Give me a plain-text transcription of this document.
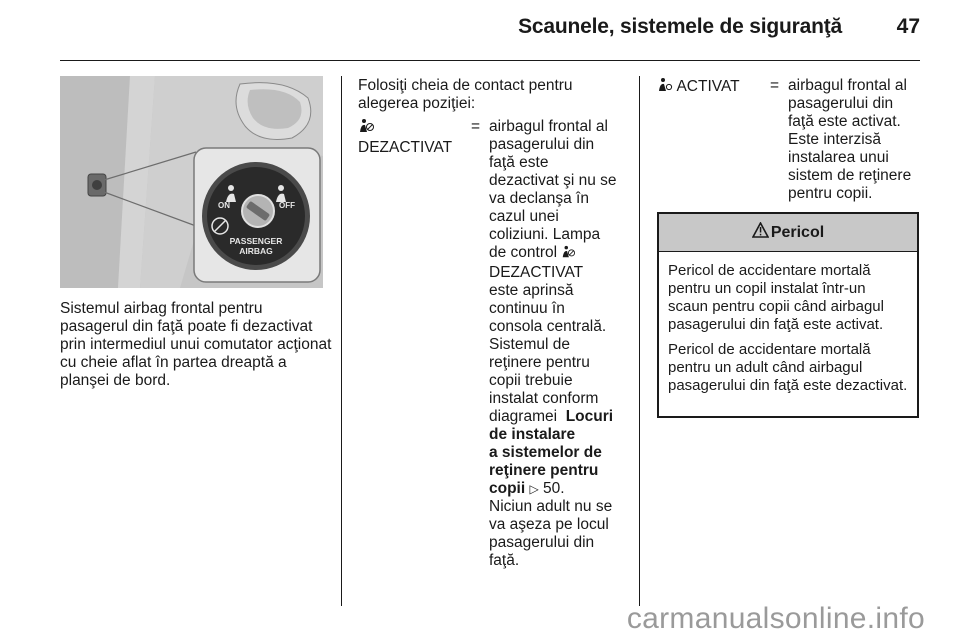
Scaunele, sistemele de siguranţă	47
ON	OFF
PASSENGER
AIRBAG
Sistemul airbag frontal pentru pasagerul din faţă poate fi dezactivat prin intermediul unui comutator acţionat cu cheie aflat în partea dreaptă a planşei de bord.
Folosiţi cheia de contact pentru alegerea poziţiei:

DEZACTIVAT
= airbagul frontal al
pasagerului din
faţă este
dezactivat şi nu se
va declanşa în
cazul unei
coliziuni. Lampa
de control
DEZACTIVAT
este aprinsă
continuu în
consola centrală.
Sistemul de
reţinere pentru
copii trebuie
instalat conform
diagramei Locuri
de instalare
a sistemelor de
reţinere pentru
copii ▷ 50.
Niciun adult nu se
va aşeza pe locul
pasagerului din
faţă.
ACTIVAT = airbagul frontal al
pasagerului din
faţă este activat.
Este interzisă
instalarea unui
sistem de reţinere
pentru copii.
Pericol

Pericol de accidentare mortală pentru un copil instalat într-un scaun pentru copii când airbagul pasagerului din faţă este activat.

Pericol de accidentare mortală pentru un adult când airbagul pasagerului din faţă este dezactivat.

carmanualsonline.info
